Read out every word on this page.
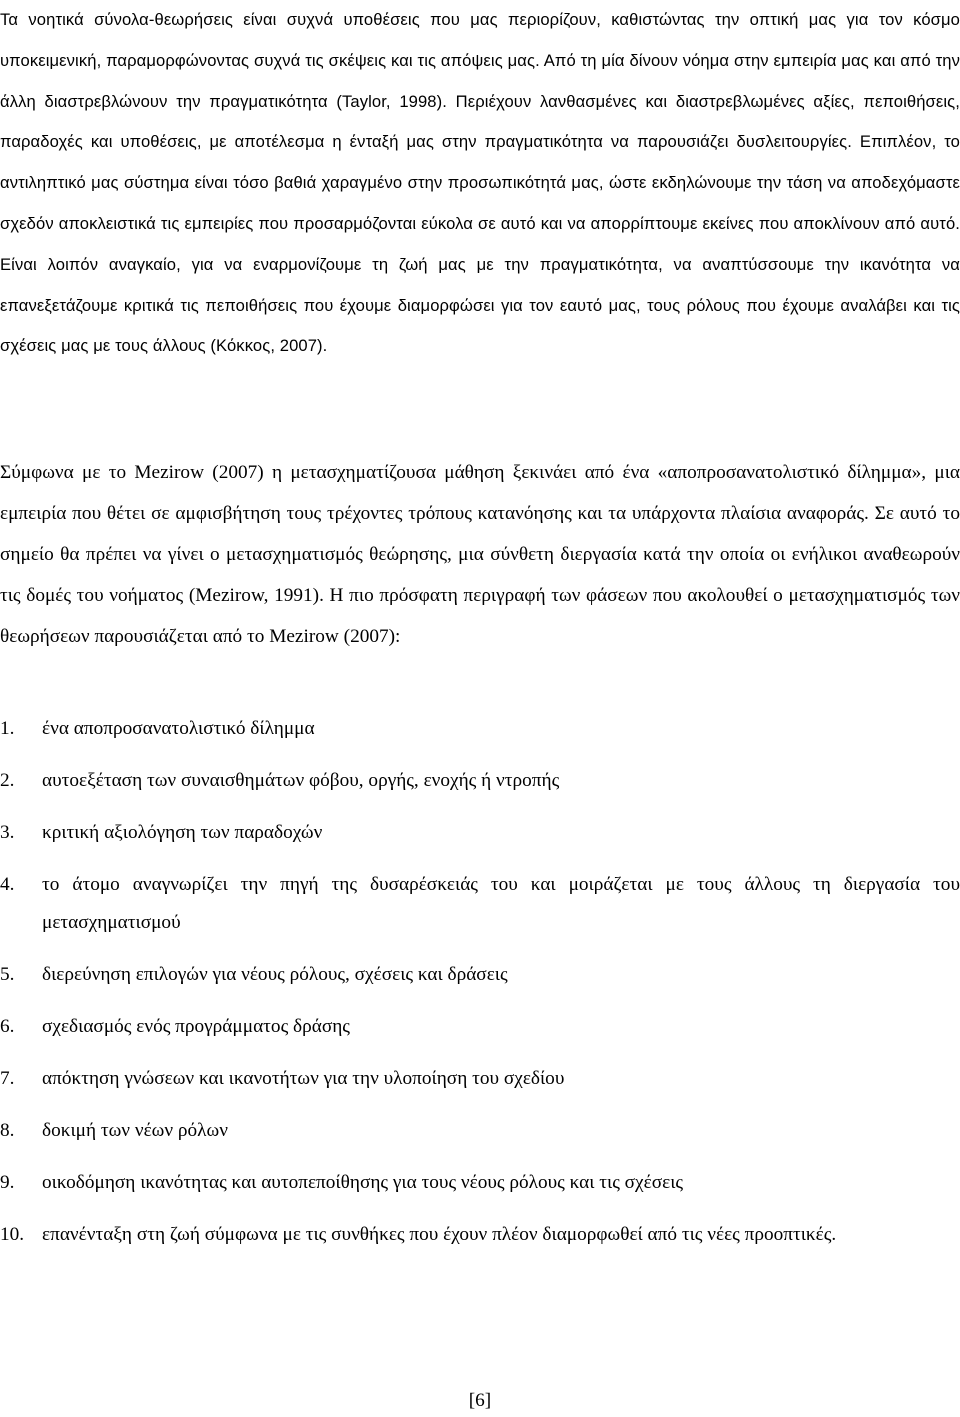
Τα νοητικά σύνολα-θεωρήσεις είναι συχνά υποθέσεις που μας περιορίζουν, καθιστώντας την οπτική μας για τον κόσμο υποκειμενική, παραμορφώνοντας συχνά τις σκέψεις και τις απόψεις μας. Από τη μία δίνουν νόημα στην εμπειρία μας και από την άλλη διαστρεβλώνουν την πραγματικότητα (Taylor, 1998). Περιέχουν λανθασμένες και διαστρεβλωμένες αξίες, πεποιθήσεις, παραδοχές και υποθέσεις, με αποτέλεσμα η ένταξή μας στην πραγματικότητα να παρουσιάζει δυσλειτουργίες. Επιπλέον, το αντιληπτικό μας σύστημα είναι τόσο βαθιά χαραγμένο στην προσωπικότητά μας, ώστε εκδηλώνουμε την τάση να αποδεχόμαστε σχεδόν αποκλειστικά τις εμπειρίες που προσαρμόζονται εύκολα σε αυτό και να απορρίπτουμε εκείνες που αποκλίνουν από αυτό. Είναι λοιπόν αναγκαίο, για να εναρμονίζουμε τη ζωή μας με την πραγματικότητα, να αναπτύσσουμε την ικανότητα να επανεξετάζουμε κριτικά τις πεποιθήσεις που έχουμε διαμορφώσει για τον εαυτό μας, τους ρόλους που έχουμε αναλάβει και τις σχέσεις μας με τους άλλους (Κόκκος, 2007).

Σύμφωνα με το Mezirow (2007) η μετασχηματίζουσα μάθηση ξεκινάει από ένα «αποπροσανατολιστικό δίλημμα», μια εμπειρία που θέτει σε αμφισβήτηση τους τρέχοντες τρόπους κατανόησης και τα υπάρχοντα πλαίσια αναφοράς. Σε αυτό το σημείο θα πρέπει να γίνει ο μετασχηματισμός θεώρησης, μια σύνθετη διεργασία κατά την οποία οι ενήλικοι αναθεωρούν τις δομές του νοήματος (Mezirow, 1991). Η πιο πρόσφατη περιγραφή των φάσεων που ακολουθεί ο μετασχηματισμός των θεωρήσεων παρουσιάζεται από το Mezirow (2007):

1. ένα αποπροσανατολιστικό δίλημμα
2. αυτοεξέταση των συναισθημάτων φόβου, οργής, ενοχής ή ντροπής
3. κριτική αξιολόγηση των παραδοχών
4. το άτομο αναγνωρίζει την πηγή της δυσαρέσκειάς του και μοιράζεται με τους άλλους τη διεργασία του μετασχηματισμού
5. διερεύνηση επιλογών για νέους ρόλους, σχέσεις και δράσεις
6. σχεδιασμός ενός προγράμματος δράσης
7. απόκτηση γνώσεων και ικανοτήτων για την υλοποίηση του σχεδίου
8. δοκιμή των νέων ρόλων
9. οικοδόμηση ικανότητας και αυτοπεποίθησης για τους νέους ρόλους και τις σχέσεις
10. επανένταξη στη ζωή σύμφωνα με τις συνθήκες που έχουν πλέον διαμορφωθεί από τις νέες προοπτικές.
[6]
